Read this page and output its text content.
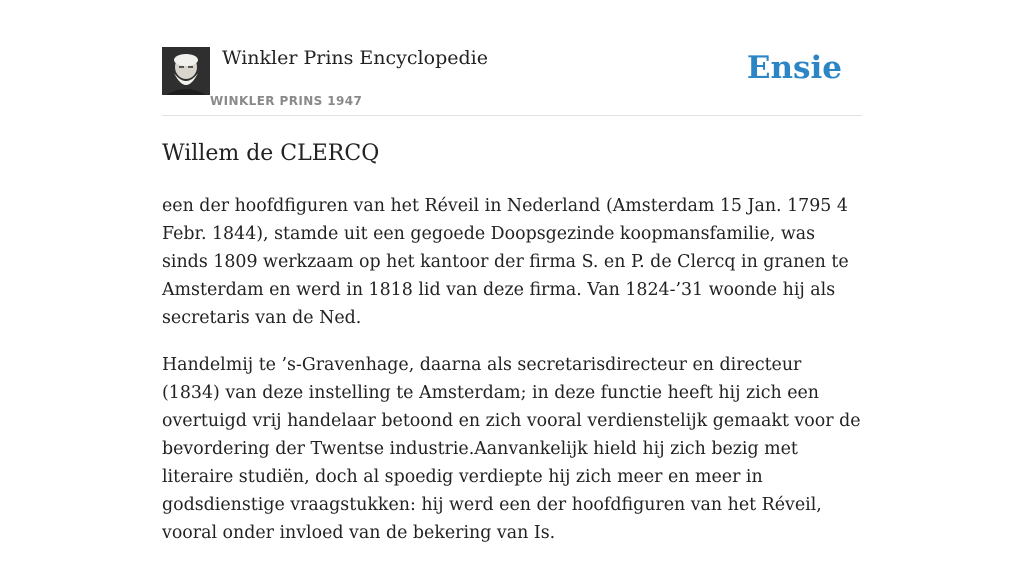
Winkler Prins Encyclopedie
WINKLER PRINS 1947
Ensie
Willem de CLERCQ

een der hoofdfiguren van het Réveil in Nederland (Amsterdam 15 Jan. 1795 4 Febr. 1844), stamde uit een gegoede Doopsgezinde koopmansfamilie, was sinds 1809 werkzaam op het kantoor der firma S. en P. de Clercq in granen te Amsterdam en werd in 1818 lid van deze firma. Van 1824-’31 woonde hij als secretaris van de Ned.

Handelmij te ’s-Gravenhage, daarna als secretarisdirecteur en directeur (1834) van deze instelling te Amsterdam; in deze functie heeft hij zich een overtuigd vrij handelaar betoond en zich vooral verdienstelijk gemaakt voor de bevordering der Twentse industrie.Aanvankelijk hield hij zich bezig met literaire studiën, doch al spoedig verdiepte hij zich meer en meer in godsdienstige vraagstukken: hij werd een der hoofdfiguren van het Réveil, vooral onder invloed van de bekering van Is.
